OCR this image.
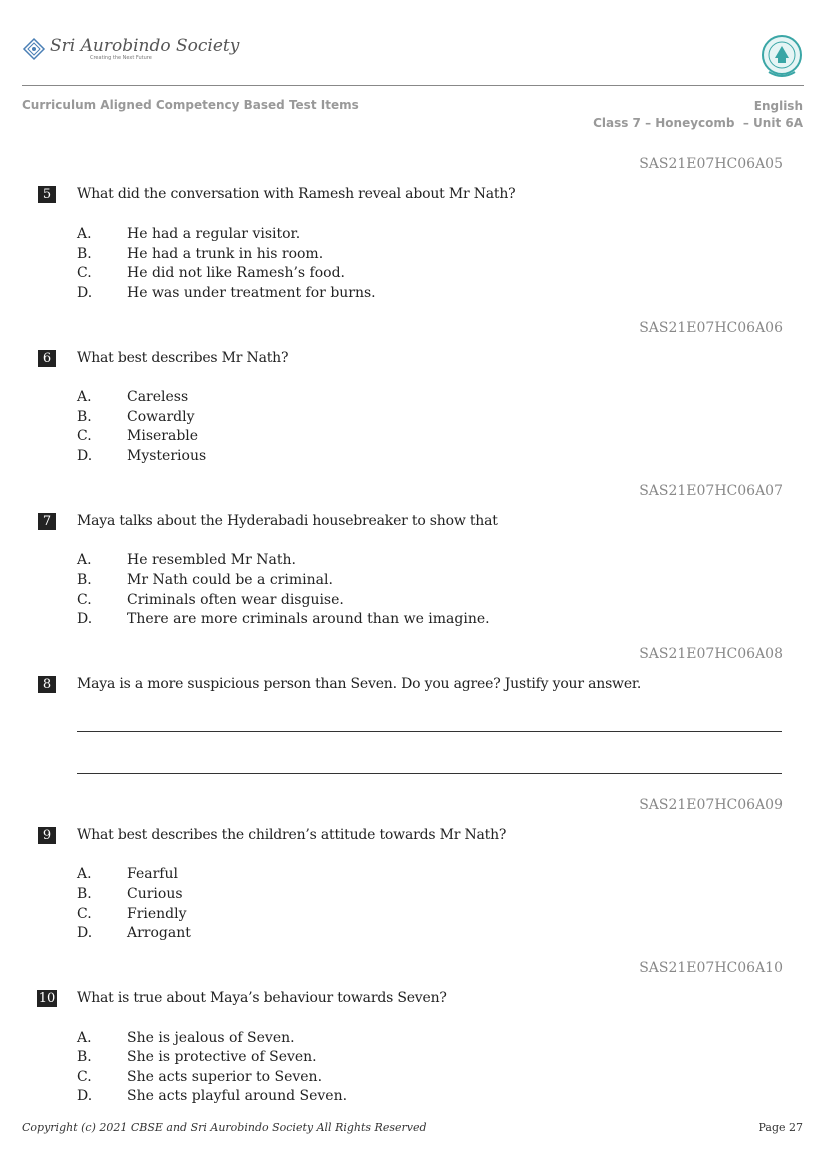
Sri Aurobindo Society
Creating the Next Future
Curriculum Aligned Competency Based Test Items	English
Class 7 – Honeycomb  – Unit 6A
SAS21E07HC06A05
5	What did the conversation with Ramesh reveal about Mr Nath?
A.	He had a regular visitor.
B.	He had a trunk in his room.
C.	He did not like Ramesh’s food.
D. He was under treatment for burns.
SAS21E07HC06A06
6	What best describes Mr Nath?
A.	Careless
B.	Cowardly
C.	Miserable
D. Mysterious
SAS21E07HC06A07
7	Maya talks about the Hyderabadi housebreaker to show that
A.	He resembled Mr Nath.
B.	Mr Nath could be a criminal.
C.	Criminals often wear disguise.
D. There are more criminals around than we imagine.
SAS21E07HC06A08
8	Maya is a more suspicious person than Seven. Do you agree? Justify your answer.
SAS21E07HC06A09
9	What best describes the children’s attitude towards Mr Nath?
A.	Fearful
B.	Curious
C.	Friendly
D. Arrogant
SAS21E07HC06A10
10 What is true about Maya’s behaviour towards Seven?
A.	She is jealous of Seven.
B.	She is protective of Seven.
C.	She acts superior to Seven.
D. She acts playful around Seven.
Copyright (c) 2021 CBSE and Sri Aurobindo Society All Rights Reserved	Page 27
